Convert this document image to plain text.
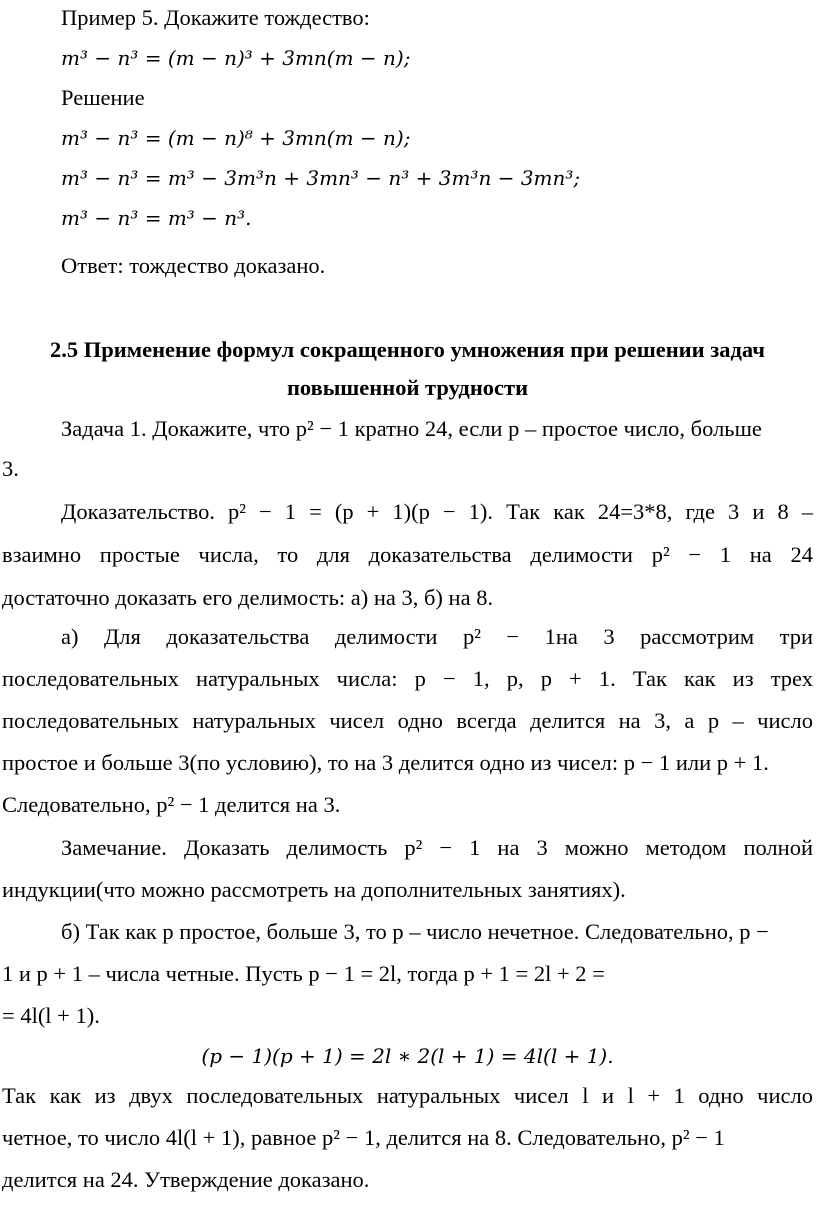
Пример 5. Докажите тождество:
m³ − n³ = (m − n)³ + 3mn(m − n);
Решение
m³ − n³ = (m − n)⁸ + 3mn(m − n);
m³ − n³ = m³ − 3m³n + 3mn³ − n³ + 3m³n − 3mn³;
m³ − n³ = m³ − n³.
Ответ: тождество доказано.
2.5 Применение формул сокращенного умножения при решении задач
повышенной трудности
Задача 1. Докажите, что p² − 1 кратно 24, если p – простое число, больше
3.
Доказательство. p² − 1 = (p + 1)(p − 1). Так как 24=3*8, где 3 и 8 –
взаимно простые числа, то для доказательства делимости p² − 1 на 24
достаточно доказать его делимость: а) на 3, б) на 8.
а) Для доказательства делимости p² − 1на 3 рассмотрим три
последовательных натуральных числа: p − 1, p, p + 1. Так как из трех
последовательных натуральных чисел одно всегда делится на 3, а p – число
простое и больше 3(по условию), то на 3 делится одно из чисел: p − 1 или p + 1.
Следовательно, p² − 1 делится на 3.
Замечание. Доказать делимость p² − 1 на 3 можно методом полной
индукции(что можно рассмотреть на дополнительных занятиях).
б) Так как p простое, больше 3, то p – число нечетное. Следовательно, p −
1 и p + 1 – числа четные. Пусть p − 1 = 2l, тогда p + 1 = 2l + 2 =
= 4l(l + 1).
(p − 1)(p + 1) = 2l ∗ 2(l + 1) = 4l(l + 1).
Так как из двух последовательных натуральных чисел l и l + 1 одно число
четное, то число 4l(l + 1), равное p² − 1, делится на 8. Следовательно, p² − 1
делится на 24. Утверждение доказано.
